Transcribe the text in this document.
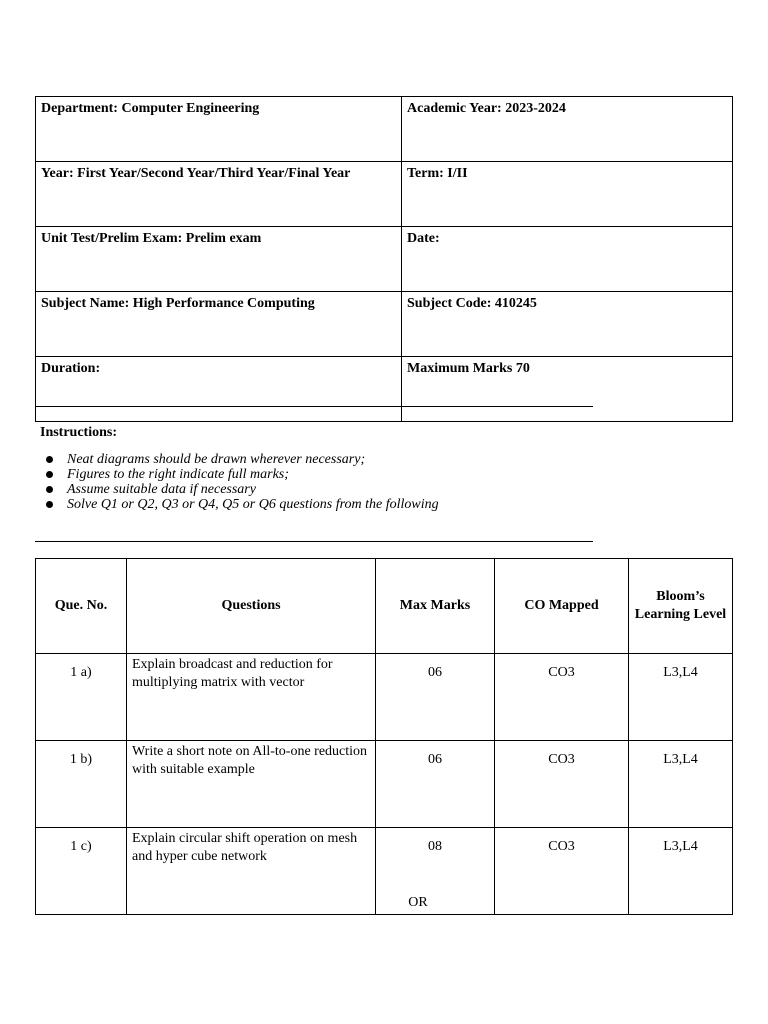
Department: Computer Engineering	Academic Year: 2023-2024
Year: First Year/Second Year/Third Year/Final Year	Term: I/II
Unit Test/Prelim Exam: Prelim exam	Date:
Subject Name: High Performance Computing	Subject Code: 410245
Duration:	Maximum Marks 70
Instructions:
Neat diagrams should be drawn wherever necessary;
Figures to the right indicate full marks;
Assume suitable data if necessary
Solve Q1 or Q2, Q3 or Q4, Q5 or Q6 questions from the following
Que. No.	Questions	Max Marks	CO Mapped	Bloom’s Learning Level
1 a)	Explain broadcast and reduction for multiplying matrix with vector	06	CO3	L3,L4
1 b)	Write a short note on All-to-one reduction with suitable example	06	CO3	L3,L4
1 c)	Explain circular shift operation on mesh and hyper cube network	08	CO3	L3,L4
OR
